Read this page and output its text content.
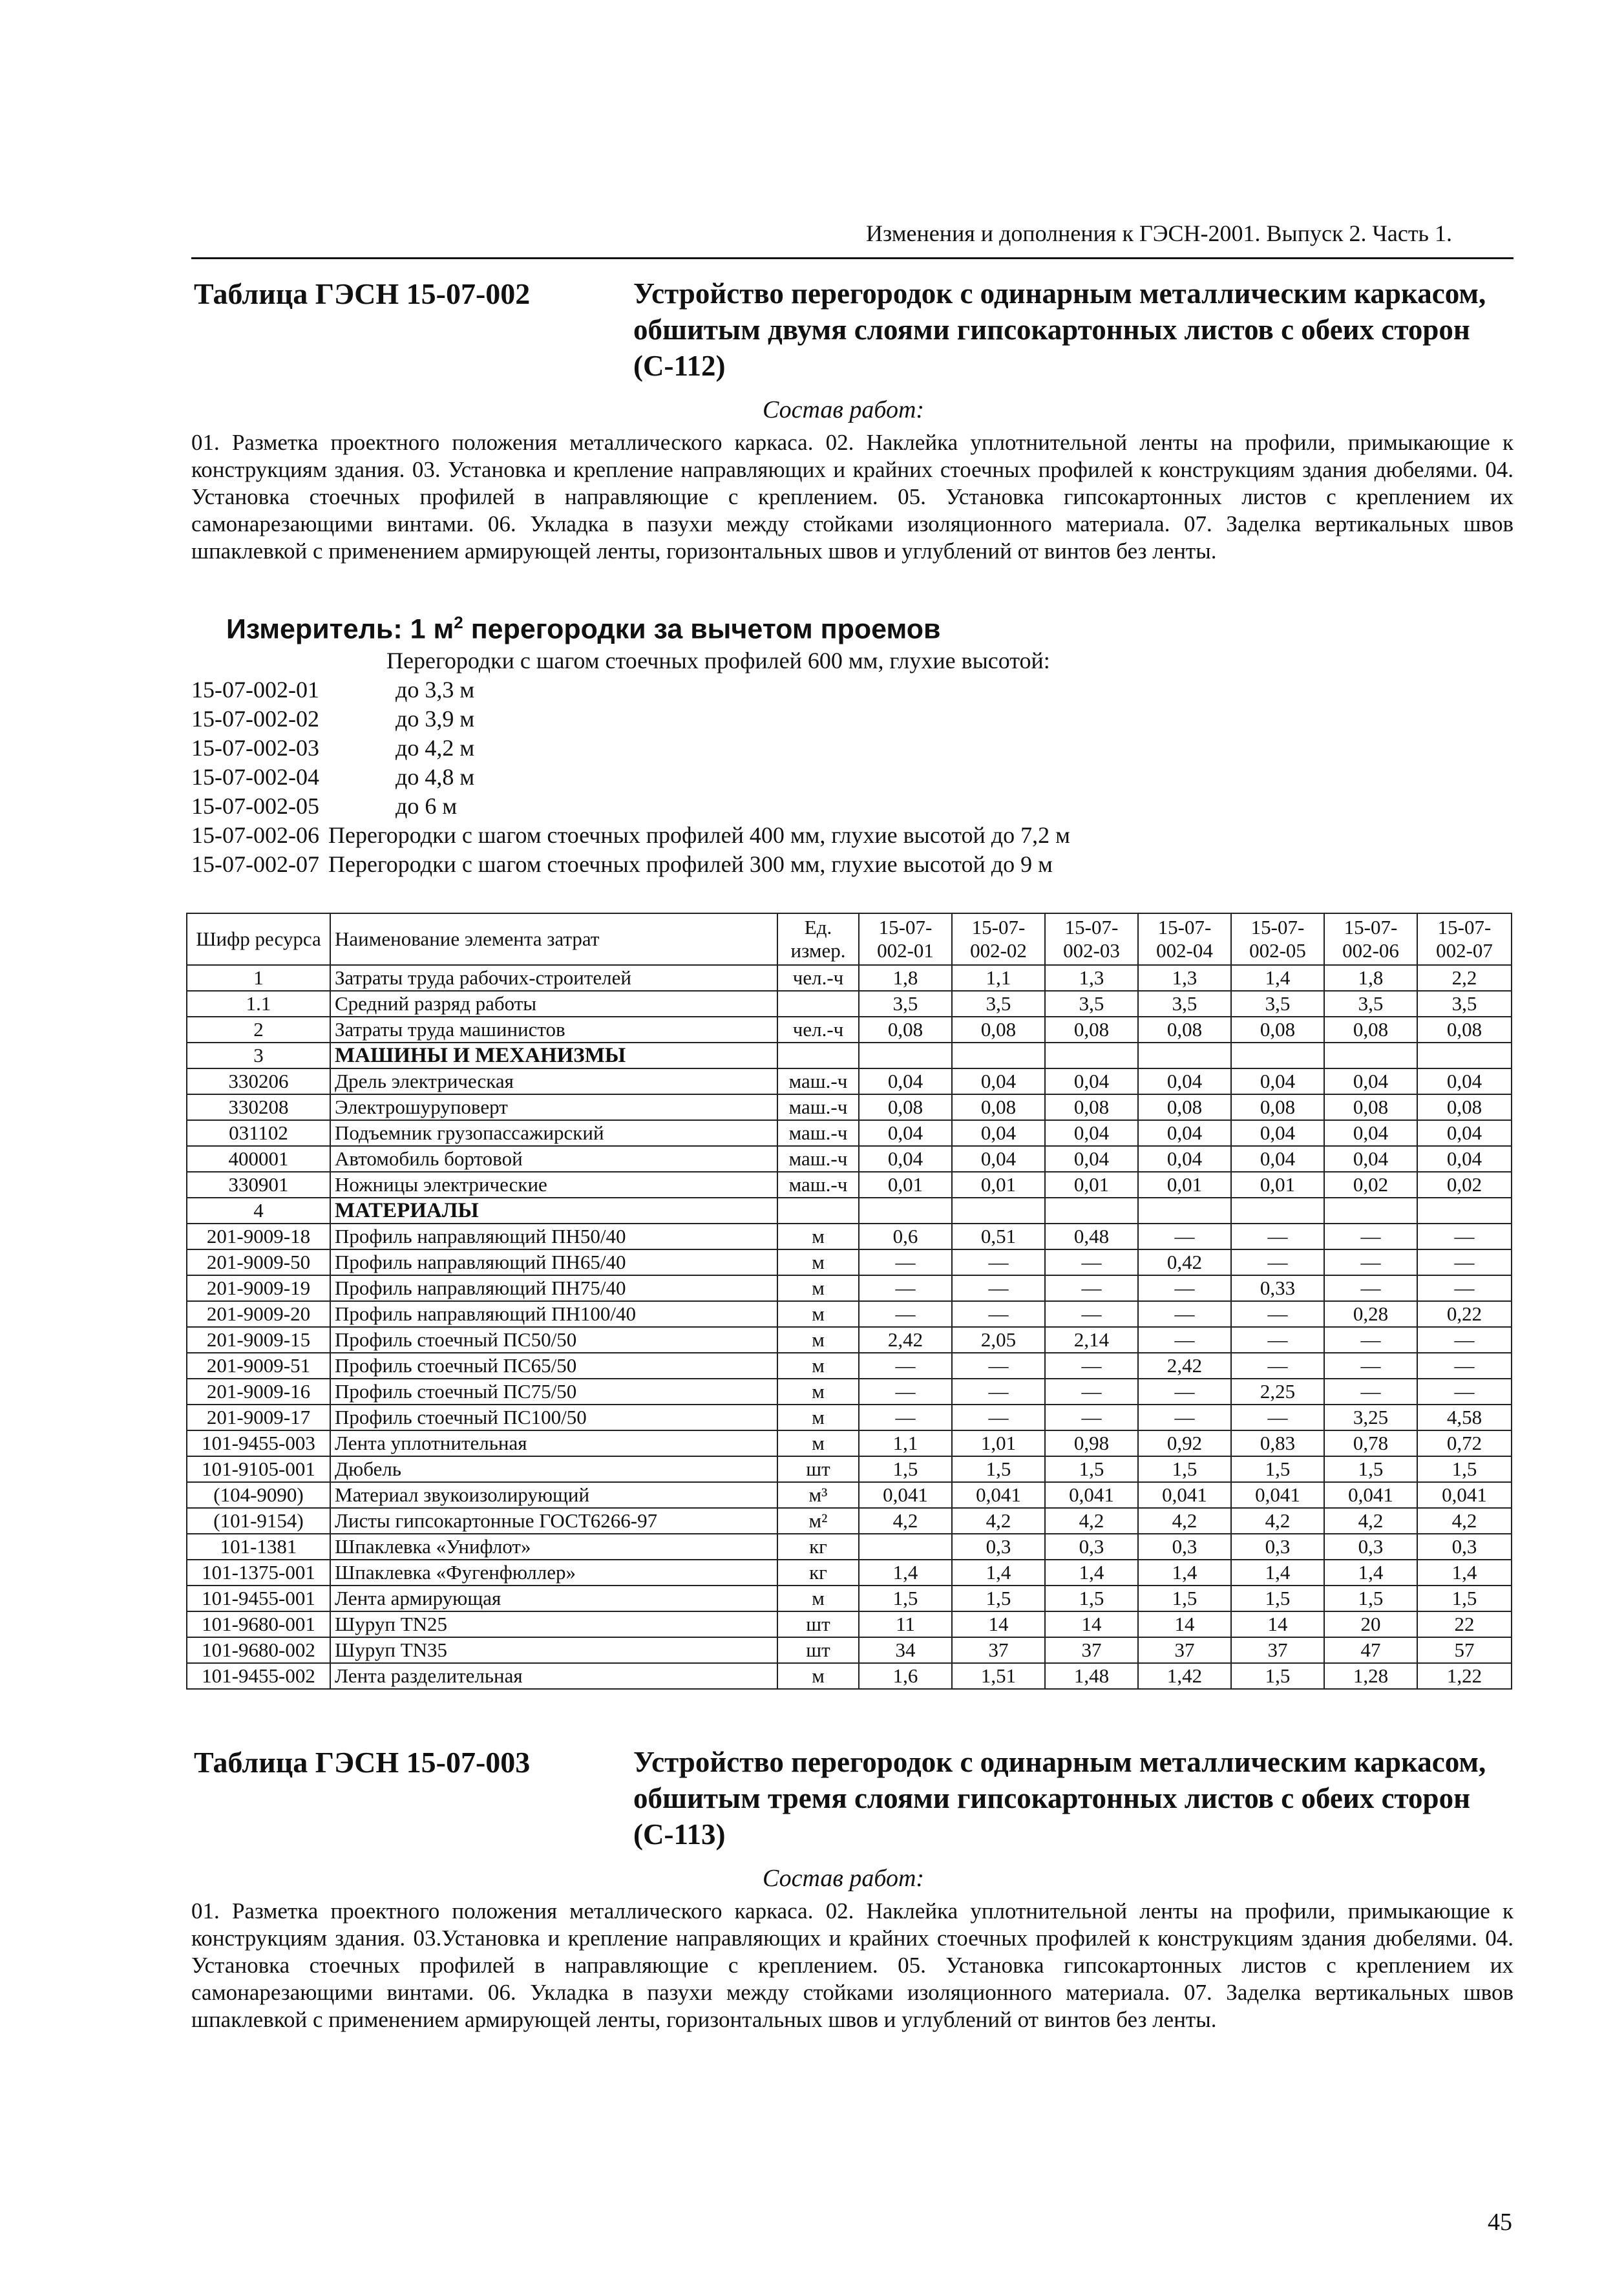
Изменения и дополнения к ГЭСН-2001. Выпуск 2. Часть 1.
Таблица ГЭСН 15-07-002	Устройство перегородок с одинарным металлическим каркасом, обшитым двумя слоями гипсокартонных листов с обеих сторон (С-112)
Состав работ:
01. Разметка проектного положения металлического каркаса. 02. Наклейка уплотнительной ленты на профили, примыкающие к конструкциям здания. 03. Установка и крепление направляющих и крайних стоечных профилей к конструкциям здания дюбелями. 04. Установка стоечных профилей в направляющие с креплением. 05. Установка гипсокартонных листов с креплением их самонарезающими винтами. 06. Укладка в пазухи между стойками изоляционного материала. 07. Заделка вертикальных швов шпаклевкой с применением армирующей ленты, горизонтальных швов и углублений от винтов без ленты.
Измеритель: 1 $м^2$ перегородки за вычетом проемов
Перегородки с шагом стоечных профилей 600 мм, глухие высотой:
15-07-002-01	до 3,3 м
15-07-002-02	до 3,9 м
15-07-002-03	до 4,2 м
15-07-002-04	до 4,8 м
15-07-002-05	до 6 м
15-07-002-06 Перегородки с шагом стоечных профилей 400 мм, глухие высотой до 7,2 м
15-07-002-07 Перегородки с шагом стоечных профилей 300 мм, глухие высотой до 9 м
Шифр ресурса	Наименование элемента затрат	Ед. измер.	15-07-002-01	15-07-002-02	15-07-002-03	15-07-002-04	15-07-002-05	15-07-002-06	15-07-002-07
1	Затраты труда рабочих-строителей	чел.-ч	1,8	1,1	1,3	1,3	1,4	1,8	2,2
1.1	Средний разряд работы		3,5	3,5	3,5	3,5	3,5	3,5	3,5
2	Затраты труда машинистов	чел.-ч	0,08	0,08	0,08	0,08	0,08	0,08	0,08
3	МАШИНЫ И МЕХАНИЗМЫ								
330206	Дрель электрическая	маш.-ч	0,04	0,04	0,04	0,04	0,04	0,04	0,04
330208	Электрошуруповерт	маш.-ч	0,08	0,08	0,08	0,08	0,08	0,08	0,08
031102	Подъемник грузопассажирский	маш.-ч	0,04	0,04	0,04	0,04	0,04	0,04	0,04
400001	Автомобиль бортовой	маш.-ч	0,04	0,04	0,04	0,04	0,04	0,04	0,04
330901	Ножницы электрические	маш.-ч	0,01	0,01	0,01	0,01	0,01	0,02	0,02
4	МАТЕРИАЛЫ								
201-9009-18	Профиль направляющий ПН50/40	м	0,6	0,51	0,48	—	—	—	—
201-9009-50	Профиль направляющий ПН65/40	м	—	—	—	0,42	—	—	—
201-9009-19	Профиль направляющий ПН75/40	м	—	—	—	—	0,33	—	—
201-9009-20	Профиль направляющий ПН100/40	м	—	—	—	—	—	0,28	0,22
201-9009-15	Профиль стоечный ПС50/50	м	2,42	2,05	2,14	—	—	—	—
201-9009-51	Профиль стоечный ПС65/50	м	—	—	—	2,42	—	—	—
201-9009-16	Профиль стоечный ПС75/50	м	—	—	—	—	2,25	—	—
201-9009-17	Профиль стоечный ПС100/50	м	—	—	—	—	—	3,25	4,58
101-9455-003	Лента уплотнительная	м	1,1	1,01	0,98	0,92	0,83	0,78	0,72
101-9105-001	Дюбель	шт	1,5	1,5	1,5	1,5	1,5	1,5	1,5
(104-9090)	Материал звукоизолирующий	м³	0,041	0,041	0,041	0,041	0,041	0,041	0,041
(101-9154)	Листы гипсокартонные ГОСТ6266-97	м²	4,2	4,2	4,2	4,2	4,2	4,2	4,2
101-1381	Шпаклевка «Унифлот»	кг		0,3	0,3	0,3	0,3	0,3	0,3
101-1375-001	Шпаклевка «Фугенфюллер»	кг	1,4	1,4	1,4	1,4	1,4	1,4	1,4
101-9455-001	Лента армирующая	м	1,5	1,5	1,5	1,5	1,5	1,5	1,5
101-9680-001	Шуруп TN25	шт	11	14	14	14	14	20	22
101-9680-002	Шуруп TN35	шт	34	37	37	37	37	47	57
101-9455-002	Лента разделительная	м	1,6	1,51	1,48	1,42	1,5	1,28	1,22
Таблица ГЭСН 15-07-003	Устройство перегородок с одинарным металлическим каркасом, обшитым тремя слоями гипсокартонных листов с обеих сторон (С-113)
Состав работ:
01. Разметка проектного положения металлического каркаса. 02. Наклейка уплотнительной ленты на профили, примыкающие к конструкциям здания. 03.Установка и крепление направляющих и крайних стоечных профилей к конструкциям здания дюбелями. 04. Установка стоечных профилей в направляющие с креплением. 05. Установка гипсокартонных листов с креплением их самонарезающими винтами. 06. Укладка в пазухи между стойками изоляционного материала. 07. Заделка вертикальных швов шпаклевкой с применением армирующей ленты, горизонтальных швов и углублений от винтов без ленты.
45
